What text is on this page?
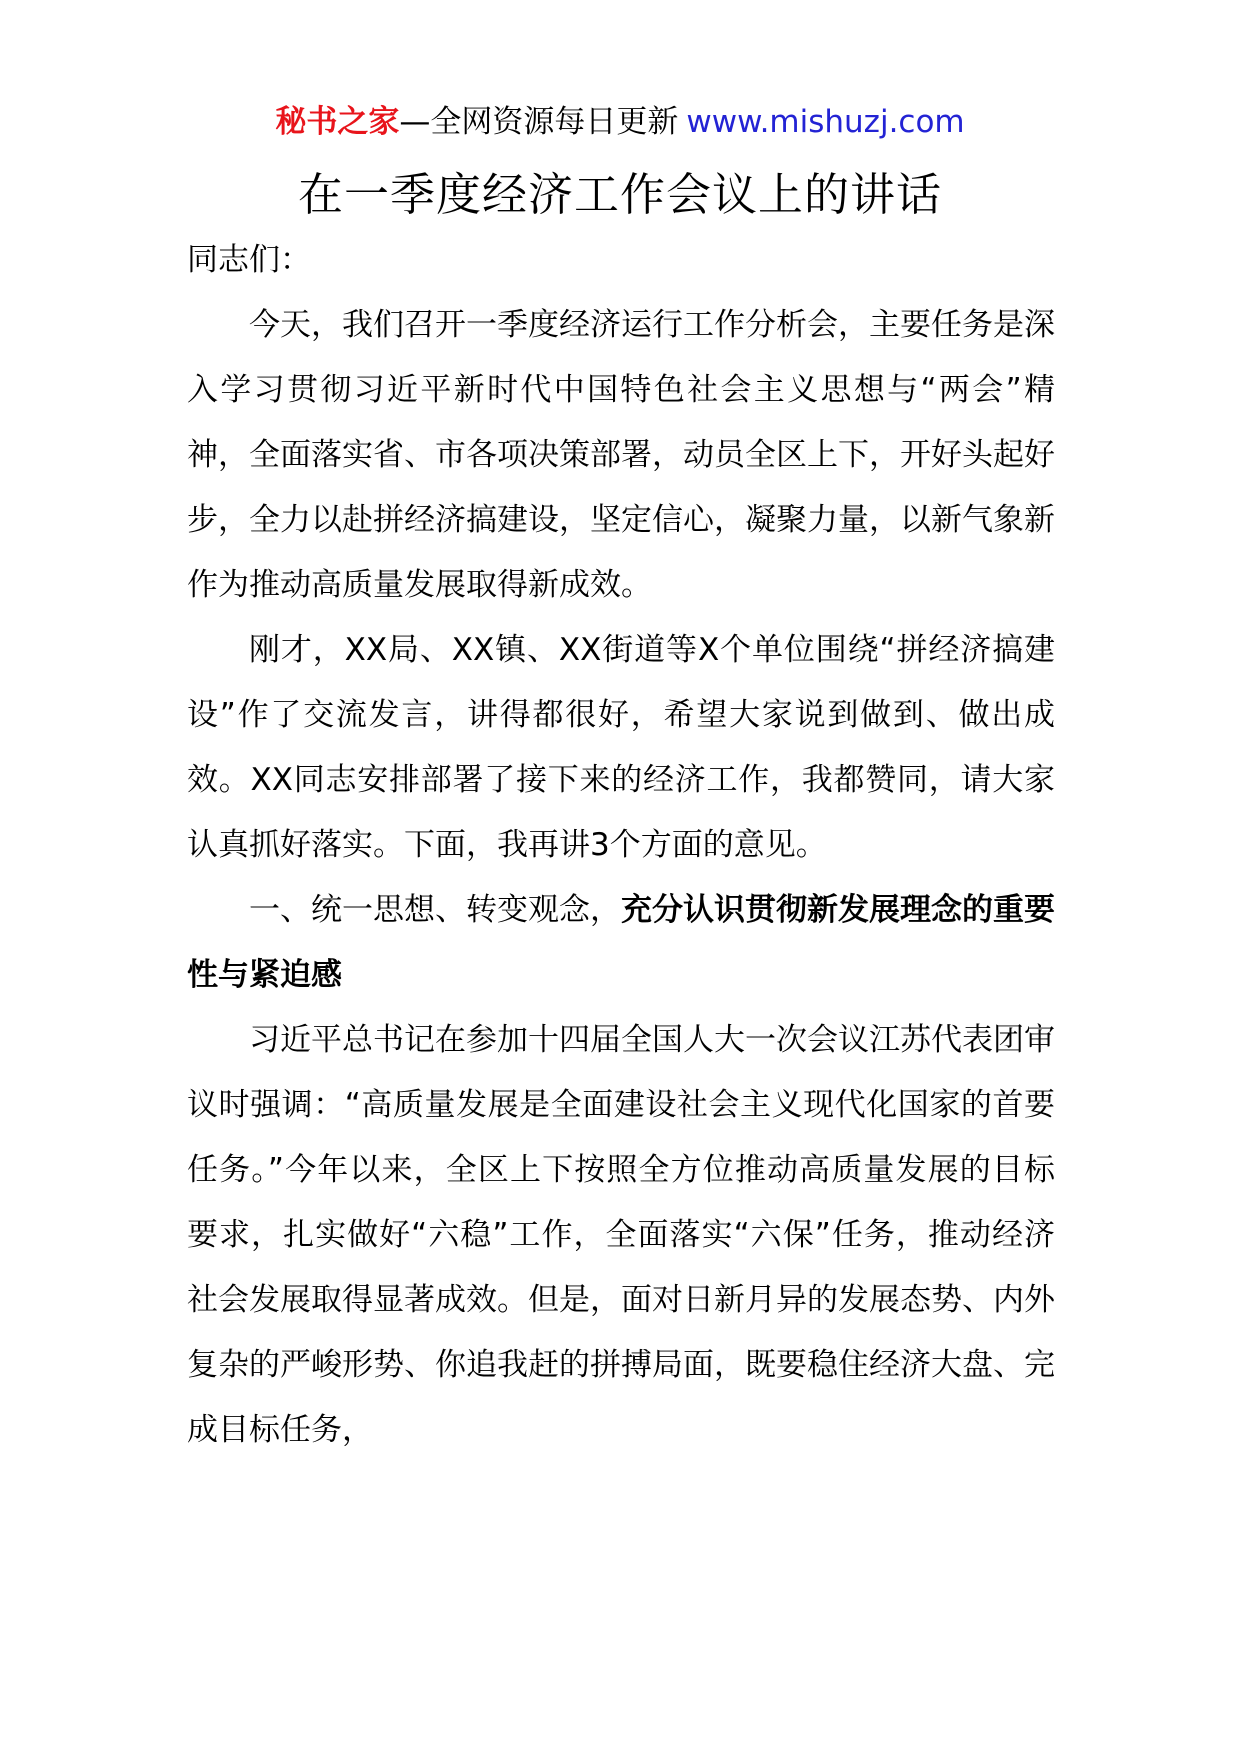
秘书之家—全网资源每日更新 www.mishuzj.com
在一季度经济工作会议上的讲话

同志们：

今天，我们召开一季度经济运行工作分析会，主要任务是深入学习贯彻习近平新时代中国特色社会主义思想与“两会”精神，全面落实省、市各项决策部署，动员全区上下，开好头起好步，全力以赴拼经济搞建设，坚定信心，凝聚力量，以新气象新作为推动高质量发展取得新成效。

刚才，XX局、XX镇、XX街道等X个单位围绕“拼经济搞建设”作了交流发言，讲得都很好，希望大家说到做到、做出成效。XX同志安排部署了接下来的经济工作，我都赞同，请大家认真抓好落实。下面，我再讲3个方面的意见。

一、统一思想、转变观念，充分认识贯彻新发展理念的重要性与紧迫感

习近平总书记在参加十四届全国人大一次会议江苏代表团审议时强调：“高质量发展是全面建设社会主义现代化国家的首要任务。”今年以来，全区上下按照全方位推动高质量发展的目标要求，扎实做好“六稳”工作，全面落实“六保”任务，推动经济社会发展取得显著成效。但是，面对日新月异的发展态势、内外复杂的严峻形势、你追我赶的拼搏局面，既要稳住经济大盘、完成目标任务，
